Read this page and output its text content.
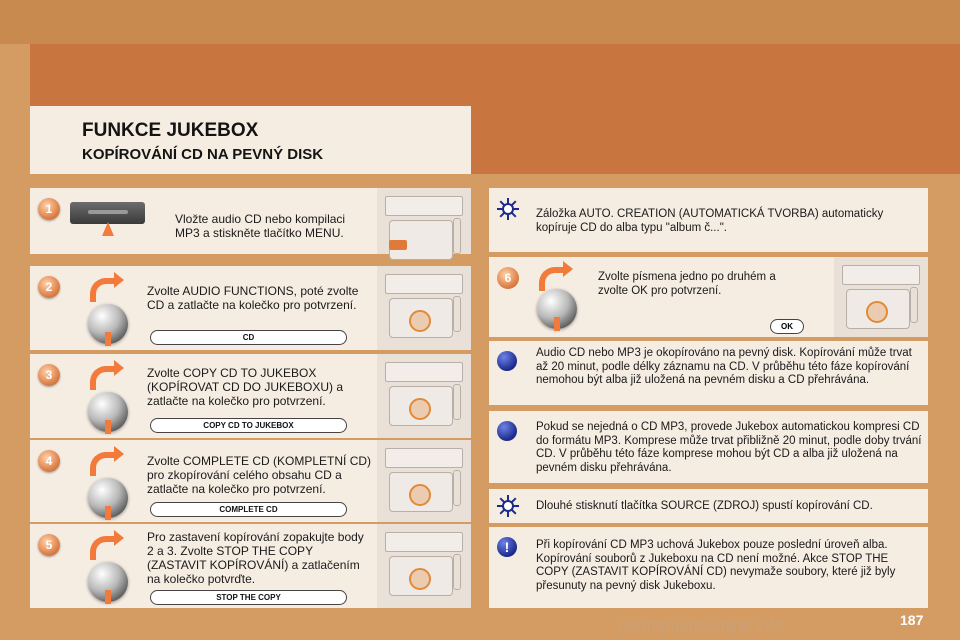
FUNKCE JUKEBOX
KOPÍROVÁNÍ CD NA PEVNÝ DISK
1
Vložte audio CD nebo kompilaci MP3 a stiskněte tlačítko MENU.
2	Zvolte AUDIO FUNCTIONS, poté zvolte CD a zatlačte na kolečko pro potvrzení.
CD
3	Zvolte COPY CD TO JUKEBOX (KOPÍROVAT CD DO JUKEBOXU) a zatlačte na kolečko pro potvrzení.
COPY CD TO JUKEBOX
4	Zvolte COMPLETE CD (KOMPLETNÍ CD) pro zkopírování celého obsahu CD a zatlačte na kolečko pro potvrzení.
COMPLETE CD
5
Pro zastavení kopírování zopakujte body 2 a 3. Zvolte STOP THE COPY (ZASTAVIT KOPÍROVÁNÍ) a zatlačením na kolečko potvrďte.
STOP THE COPY
Záložka AUTO. CREATION (AUTOMATICKÁ TVORBA) automaticky kopíruje CD do alba typu "album č...".
6	Zvolte písmena jedno po druhém a zvolte OK pro potvrzení.
OK
Audio CD nebo MP3 je okopírováno na pevný disk. Kopírování může trvat až 20 minut, podle délky záznamu na CD. V průběhu této fáze kopírování nemohou být alba již uložená na pevném disku a CD přehrávána.
Pokud se nejedná o CD MP3, provede Jukebox automatickou kompresi CD do formátu MP3. Komprese může trvat přibližně 20 minut, podle doby trvání CD. V průběhu této fáze komprese mohou být CD a alba již uložená na pevném disku přehrávána.
Dlouhé stisknutí tlačítka SOURCE (ZDROJ) spustí kopírování CD.
!	Při kopírování CD MP3 uchová Jukebox pouze poslední úroveň alba. Kopírování souborů z Jukeboxu na CD není možné. Akce STOP THE COPY (ZASTAVIT KOPÍROVÁNÍ CD) nevymaže soubory, které již byly přesunuty na pevný disk Jukeboxu.
carmanualsonline.info	187
